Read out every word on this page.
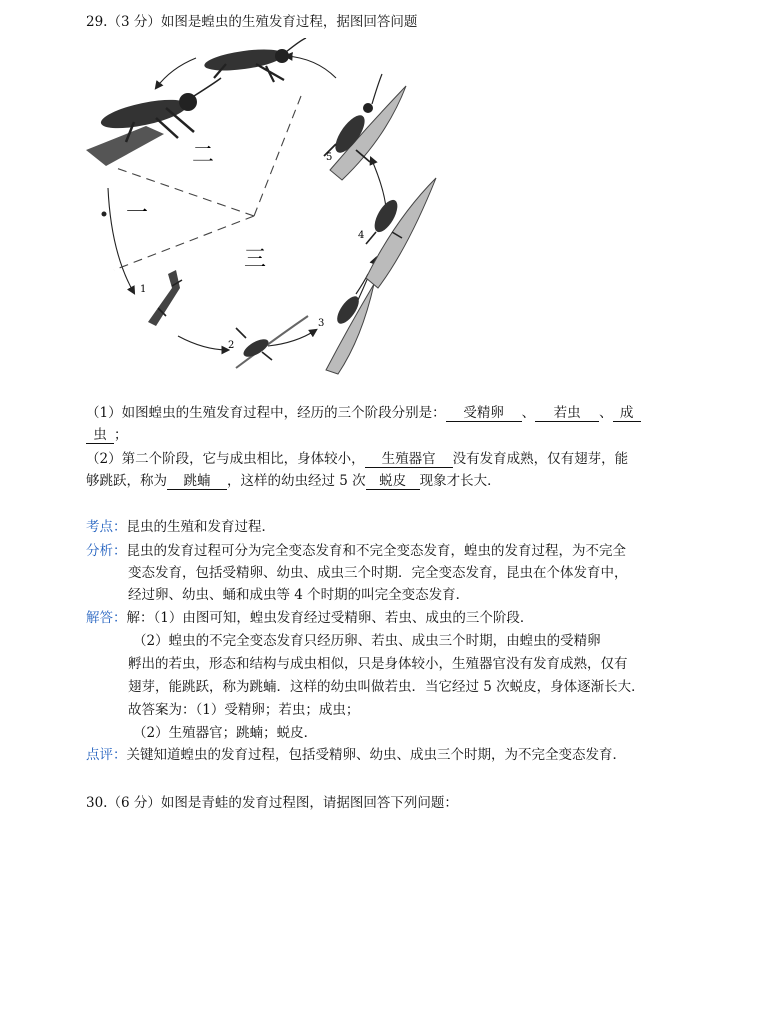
29.（3 分）如图是蝗虫的生殖发育过程，据图回答问题
二
一
三
1
2
3
4
5
（1）如图蝗虫的生殖发育过程中，经历的三个阶段分别是： 受精卵 、 若虫 、 成
虫 ；
（2）第二个阶段，它与成虫相比，身体较小， 生殖器官 没有发育成熟，仅有翅芽，能
够跳跃，称为 跳蝻 ，这样的幼虫经过 5 次 蜕皮 现象才长大．
考点：昆虫的生殖和发育过程．
分析：昆虫的发育过程可分为完全变态发育和不完全变态发育，蝗虫的发育过程，为不完全
变态发育，包括受精卵、幼虫、成虫三个时期．完全变态发育，昆虫在个体发育中，
经过卵、幼虫、蛹和成虫等 4 个时期的叫完全变态发育．
解答：解：（1）由图可知，蝗虫发育经过受精卵、若虫、成虫的三个阶段．
（2）蝗虫的不完全变态发育只经历卵、若虫、成虫三个时期，由蝗虫的受精卵
孵出的若虫，形态和结构与成虫相似，只是身体较小，生殖器官没有发育成熟，仅有
翅芽，能跳跃，称为跳蝻．这样的幼虫叫做若虫．当它经过 5 次蜕皮，身体逐渐长大．
故答案为：（1）受精卵；若虫；成虫；
（2）生殖器官；跳蝻；蜕皮．
点评：关键知道蝗虫的发育过程，包括受精卵、幼虫、成虫三个时期，为不完全变态发育．
30.（6 分）如图是青蛙的发育过程图，请据图回答下列问题：
